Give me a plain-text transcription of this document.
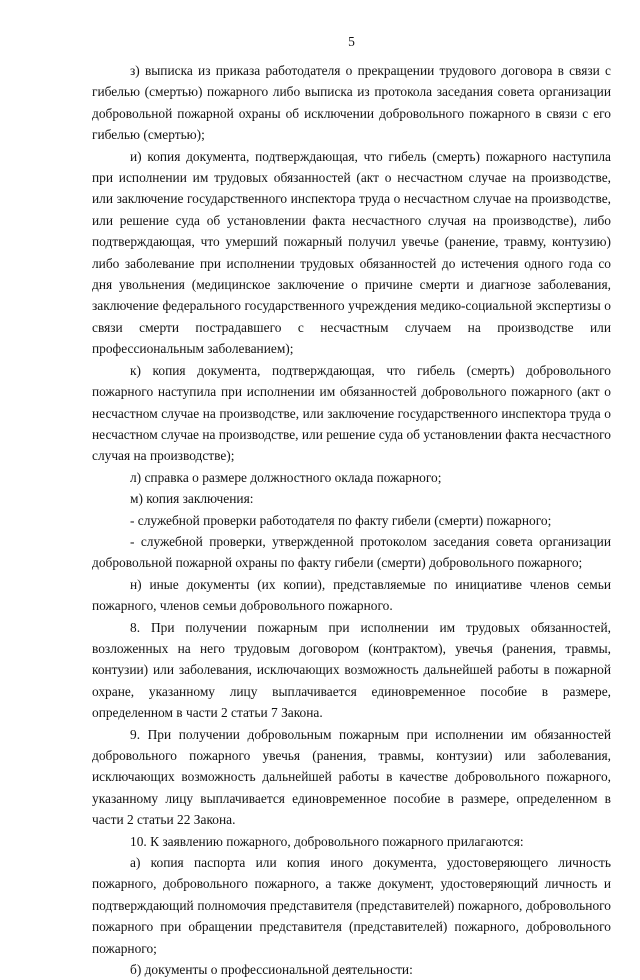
5

з) выписка из приказа работодателя о прекращении трудового договора в связи с гибелью (смертью) пожарного либо выписка из протокола заседания совета организации добровольной пожарной охраны об исключении добровольного пожарного в связи с его гибелью (смертью);

и) копия документа, подтверждающая, что гибель (смерть) пожарного наступила при исполнении им трудовых обязанностей (акт о несчастном случае на производстве, или заключение государственного инспектора труда о несчастном случае на производстве, или решение суда об установлении факта несчастного случая на производстве), либо подтверждающая, что умерший пожарный получил увечье (ранение, травму, контузию) либо заболевание при исполнении трудовых обязанностей до истечения одного года со дня увольнения (медицинское заключение о причине смерти и диагнозе заболевания, заключение федерального государственного учреждения медико-социальной экспертизы о связи смерти пострадавшего с несчастным случаем на производстве или профессиональным заболеванием);

к) копия документа, подтверждающая, что гибель (смерть) добровольного пожарного наступила при исполнении им обязанностей добровольного пожарного (акт о несчастном случае на производстве, или заключение государственного инспектора труда о несчастном случае на производстве, или решение суда об установлении факта несчастного случая на производстве);

л) справка о размере должностного оклада пожарного;

м) копия заключения:

- служебной проверки работодателя по факту гибели (смерти) пожарного;

- служебной проверки, утвержденной протоколом заседания совета организации добровольной пожарной охраны по факту гибели (смерти) добровольного пожарного;

н) иные документы (их копии), представляемые по инициативе членов семьи пожарного, членов семьи добровольного пожарного.

8. При получении пожарным при исполнении им трудовых обязанностей, возложенных на него трудовым договором (контрактом), увечья (ранения, травмы, контузии) или заболевания, исключающих возможность дальнейшей работы в пожарной охране, указанному лицу выплачивается единовременное пособие в размере, определенном в части 2 статьи 7 Закона.

9. При получении добровольным пожарным при исполнении им обязанностей добровольного пожарного увечья (ранения, травмы, контузии) или заболевания, исключающих возможность дальнейшей работы в качестве добровольного пожарного, указанному лицу выплачивается единовременное пособие в размере, определенном в части 2 статьи 22 Закона.

10. К заявлению пожарного, добровольного пожарного прилагаются:

а) копия паспорта или копия иного документа, удостоверяющего личность пожарного, добровольного пожарного, а также документ, удостоверяющий личность и подтверждающий полномочия представителя (представителей) пожарного, добровольного пожарного при обращении представителя (представителей) пожарного, добровольного пожарного;

б) документы о профессиональной деятельности:
